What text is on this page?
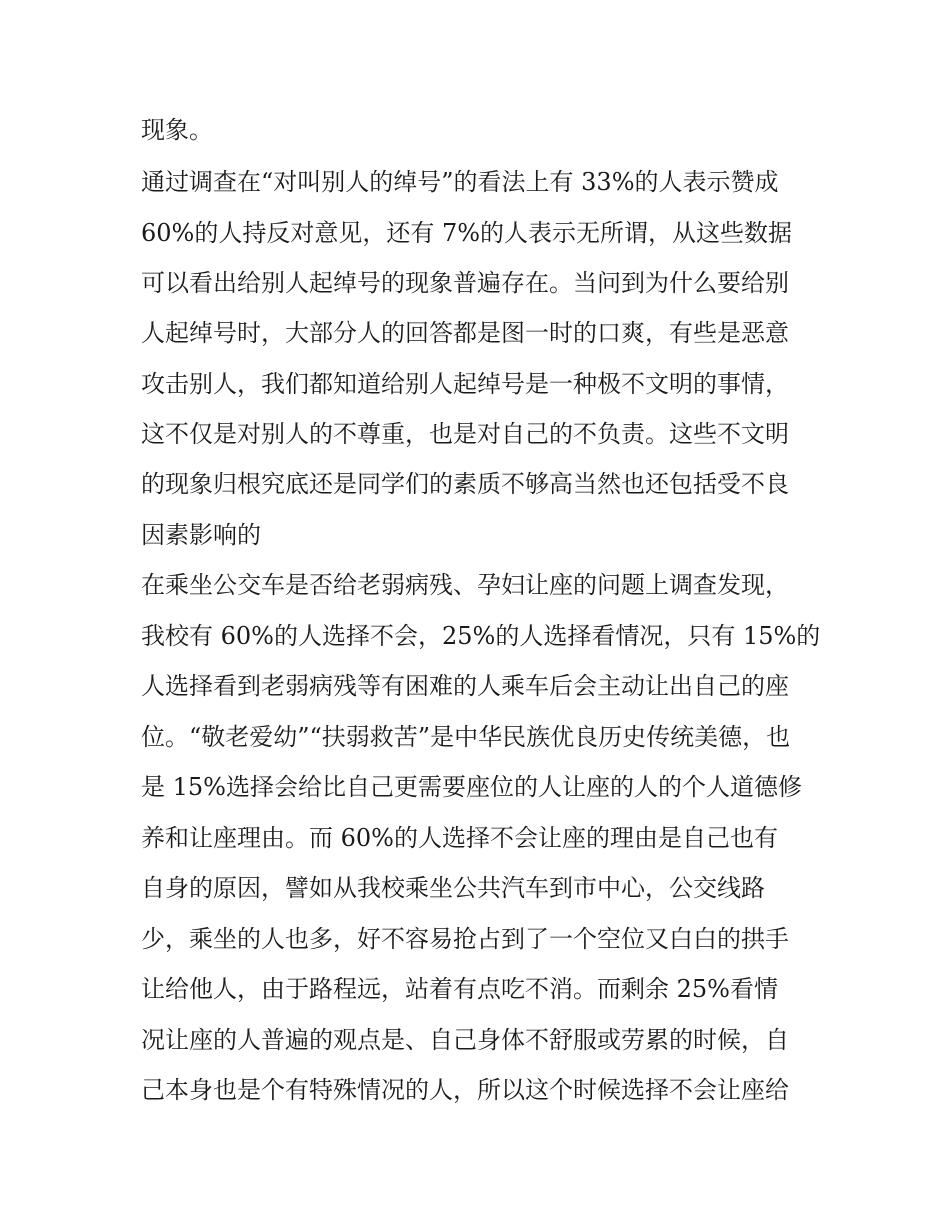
现象。
通过调查在“对叫别人的绰号”的看法上有 33%的人表示赞成
60%的人持反对意见，还有 7%的人表示无所谓，从这些数据
可以看出给别人起绰号的现象普遍存在。当问到为什么要给别
人起绰号时，大部分人的回答都是图一时的口爽，有些是恶意
攻击别人，我们都知道给别人起绰号是一种极不文明的事情，
这不仅是对别人的不尊重，也是对自己的不负责。这些不文明
的现象归根究底还是同学们的素质不够高当然也还包括受不良
因素影响的
在乘坐公交车是否给老弱病残、孕妇让座的问题上调查发现，
我校有 60%的人选择不会，25%的人选择看情况，只有 15%的
人选择看到老弱病残等有困难的人乘车后会主动让出自己的座
位。“敬老爱幼”“扶弱救苦”是中华民族优良历史传统美德，也
是 15%选择会给比自己更需要座位的人让座的人的个人道德修
养和让座理由。而 60%的人选择不会让座的理由是自己也有
自身的原因，譬如从我校乘坐公共汽车到市中心，公交线路
少，乘坐的人也多，好不容易抢占到了一个空位又白白的拱手
让给他人，由于路程远，站着有点吃不消。而剩余 25%看情
况让座的人普遍的观点是、自己身体不舒服或劳累的时候，自
己本身也是个有特殊情况的人，所以这个时候选择不会让座给
